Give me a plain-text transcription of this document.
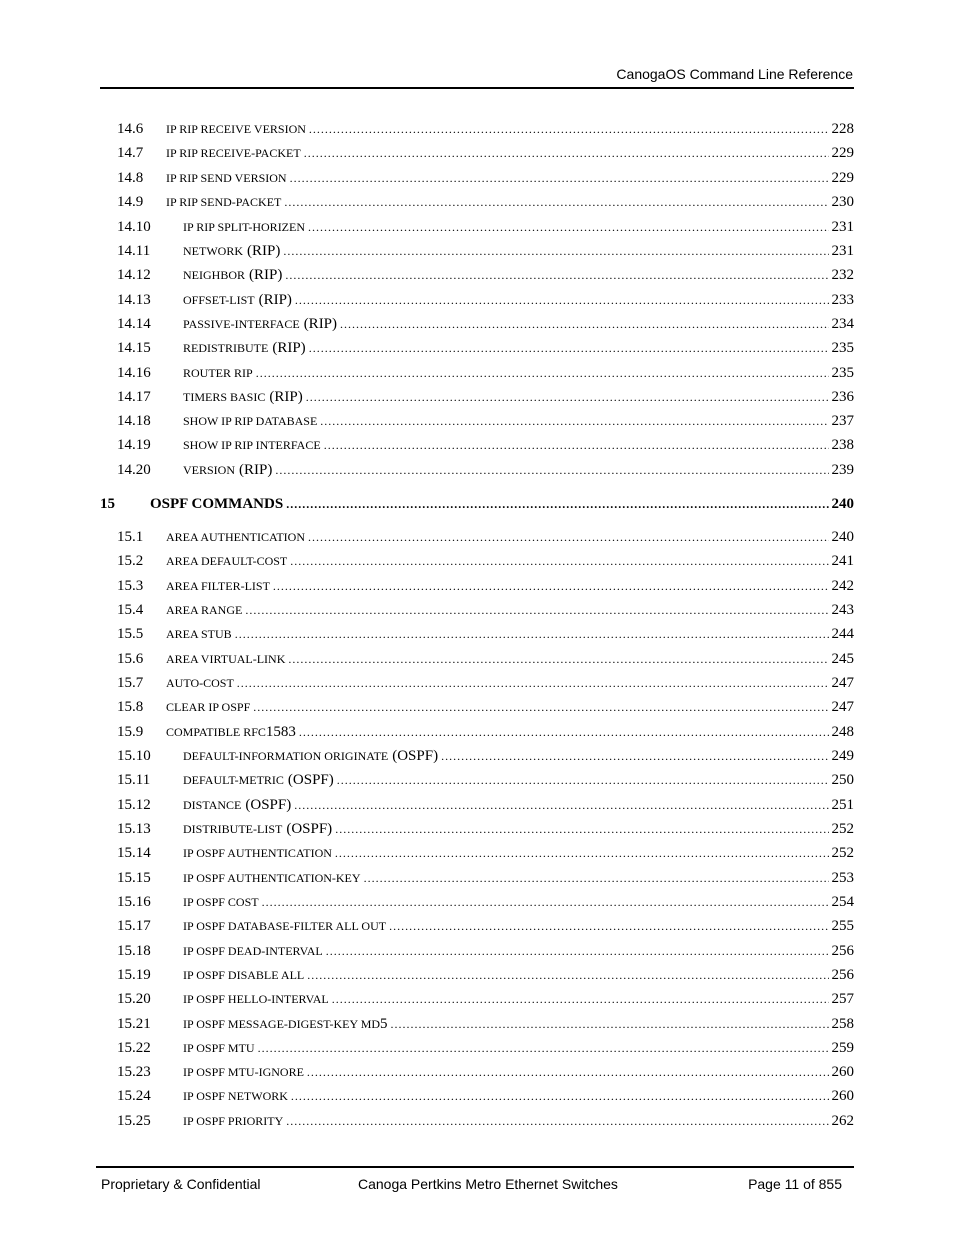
CanogaOS Command Line Reference
14.6	IP RIP RECEIVE VERSION .....	228
14.7	IP RIP RECEIVE-PACKET .....	229
14.8	IP RIP SEND VERSION .....	229
14.9	IP RIP SEND-PACKET .....	230
14.10	IP RIP SPLIT-HORIZEN .....	231
14.11	NETWORK (RIP) .....	231
14.12	NEIGHBOR (RIP) .....	232
14.13	OFFSET-LIST (RIP) .....	233
14.14	PASSIVE-INTERFACE (RIP) .....	234
14.15	REDISTRIBUTE (RIP) .....	235
14.16	ROUTER RIP .....	235
14.17	TIMERS BASIC (RIP) .....	236
14.18	SHOW IP RIP DATABASE .....	237
14.19	SHOW IP RIP INTERFACE .....	238
14.20	VERSION (RIP) .....	239
15	OSPF COMMANDS .....	240
15.1	AREA AUTHENTICATION .....	240
15.2	AREA DEFAULT-COST .....	241
15.3	AREA FILTER-LIST .....	242
15.4	AREA RANGE .....	243
15.5	AREA STUB .....	244
15.6	AREA VIRTUAL-LINK .....	245
15.7	AUTO-COST .....	247
15.8	CLEAR IP OSPF .....	247
15.9	COMPATIBLE RFC 1583 .....	248
15.10	DEFAULT-INFORMATION ORIGINATE (OSPF) .....	249
15.11	DEFAULT-METRIC (OSPF) .....	250
15.12	DISTANCE (OSPF) .....	251
15.13	DISTRIBUTE-LIST (OSPF) .....	252
15.14	IP OSPF AUTHENTICATION .....	252
15.15	IP OSPF AUTHENTICATION-KEY .....	253
15.16	IP OSPF COST .....	254
15.17	IP OSPF DATABASE-FILTER ALL OUT .....	255
15.18	IP OSPF DEAD-INTERVAL .....	256
15.19	IP OSPF DISABLE ALL .....	256
15.20	IP OSPF HELLO-INTERVAL .....	257
15.21	IP OSPF MESSAGE-DIGEST-KEY MD 5 .....	258
15.22	IP OSPF MTU .....	259
15.23	IP OSPF MTU-IGNORE .....	260
15.24	IP OSPF NETWORK .....	260
15.25	IP OSPF PRIORITY .....	262
Proprietary & Confidential	Canoga Pertkins Metro Ethernet Switches	Page 11 of 855
